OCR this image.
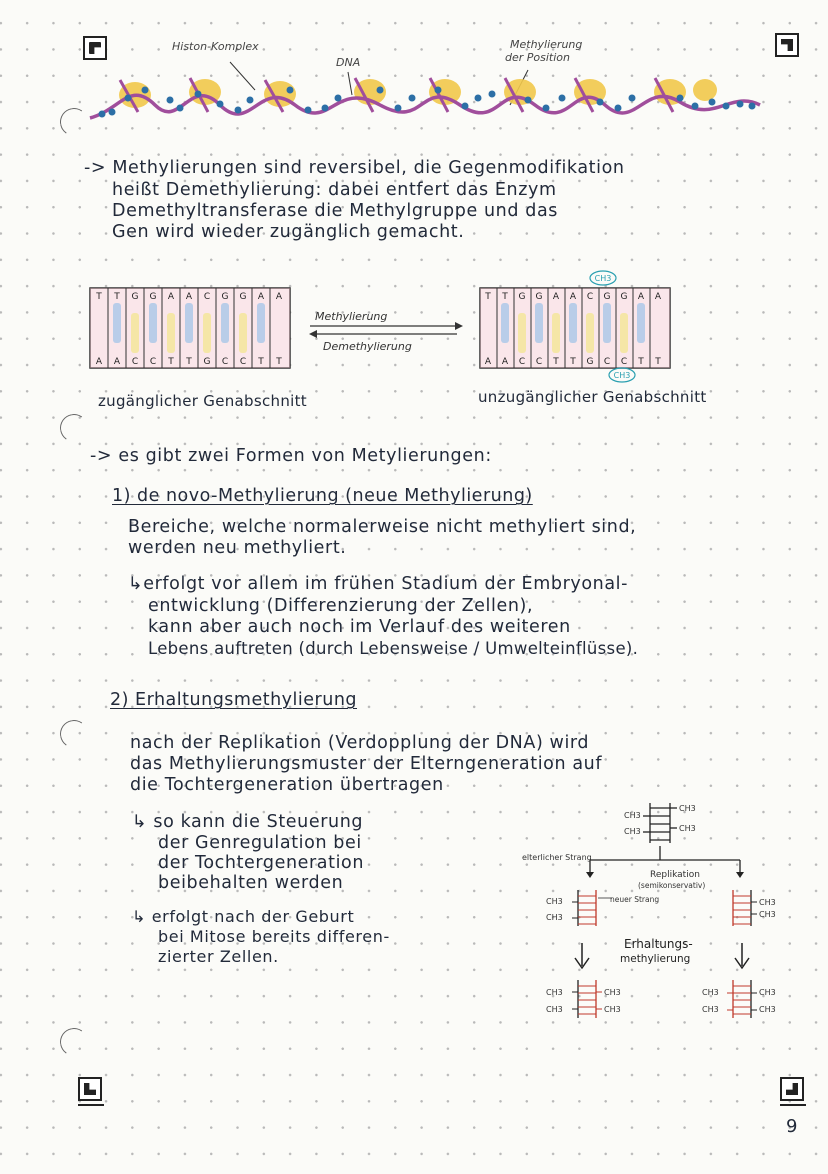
9
Histon-Komplex
DNA
Methylierung
der Position
-> Methylierungen sind reversibel, die Gegenmodifikation
heißt Demethylierung: dabei entfert das Enzym
Demethyltransferase die Methylgruppe und das
Gen wird wieder zugänglich gemacht.
T T G G A A C G G A A
A A C C T T G C C T T
Methylierung
Demethylierung
T T G G A A C G G A A
A A C C T T G C C T T
CH3
CH3
zugänglicher Genabschnitt	unzugänglicher Genabschnitt
-> es gibt zwei Formen von Metylierungen:
1) de novo-Methylierung (neue Methylierung)
Bereiche, welche normalerweise nicht methyliert sind,
werden neu methyliert.
↳erfolgt vor allem im frühen Stadium der Embryonal-
entwicklung (Differenzierung der Zellen),
kann aber auch noch im Verlauf des weiteren
Lebens auftreten (durch Lebensweise / Umwelteinflüsse).
2) Erhaltungsmethylierung
nach der Replikation (Verdopplung der DNA) wird
das Methylierungsmuster der Elterngeneration auf
die Tochtergeneration übertragen
↳ so kann die Steuerung
der Genregulation bei
der Tochtergeneration
beibehalten werden
↳ erfolgt nach der Geburt
bei Mitose bereits differen-
zierter Zellen.
CH3
CH3
CH3
CH3
elterlicher Strang
Replikation
(semikonservativ)
CH3
CH3
neuer Strang	CH3
CH3
Erhaltungs-
methylierung
CH3
CH3
CH3
CH3
CH3
CH3
CH3
CH3
